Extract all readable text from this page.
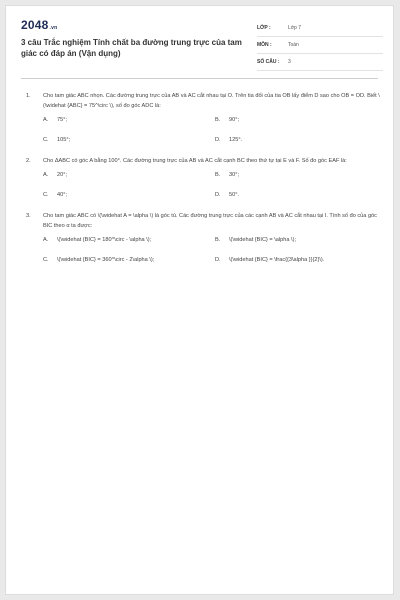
2048.vn
3 câu Trắc nghiệm Tính chất ba đường trung trực của tam giác có đáp án (Vận dụng)
LỚP :	Lớp 7
MÔN :	Toán
SỐ CÂU :	3
1.	Cho tam giác ABC nhọn. Các đường trung trực của AB và AC cắt nhau tại O. Trên tia đối của tia OB lấy điểm D sao cho OB = OD. Biết \(\widehat {ABC} = 75^\circ \), số đo góc ADC là:
A.	75°;	B.	90°;
C.	105°;	D.	125°.
2.	Cho ΔABC có góc A bằng 100°. Các đường trung trực của AB và AC cắt cạnh BC theo thứ tự tại E và F. Số đo góc EAF là:
A.	20°;	B.	30°;
C.	40°;	D.	50°.
3.	Cho tam giác ABC có \(\widehat A = \alpha \) là góc tù. Các đường trung trực của các cạnh AB và AC cắt nhau tại I. Tính số đo của góc BIC theo α ta được:
A.	\(\widehat {BIC} = 180^\circ - \alpha \);	B.	\(\widehat {BIC} = \alpha \);
C.	\(\widehat {BIC} = 360^\circ - 2\alpha \);	D.	\(\widehat {BIC} = \frac{{3\alpha }}{2}\).
